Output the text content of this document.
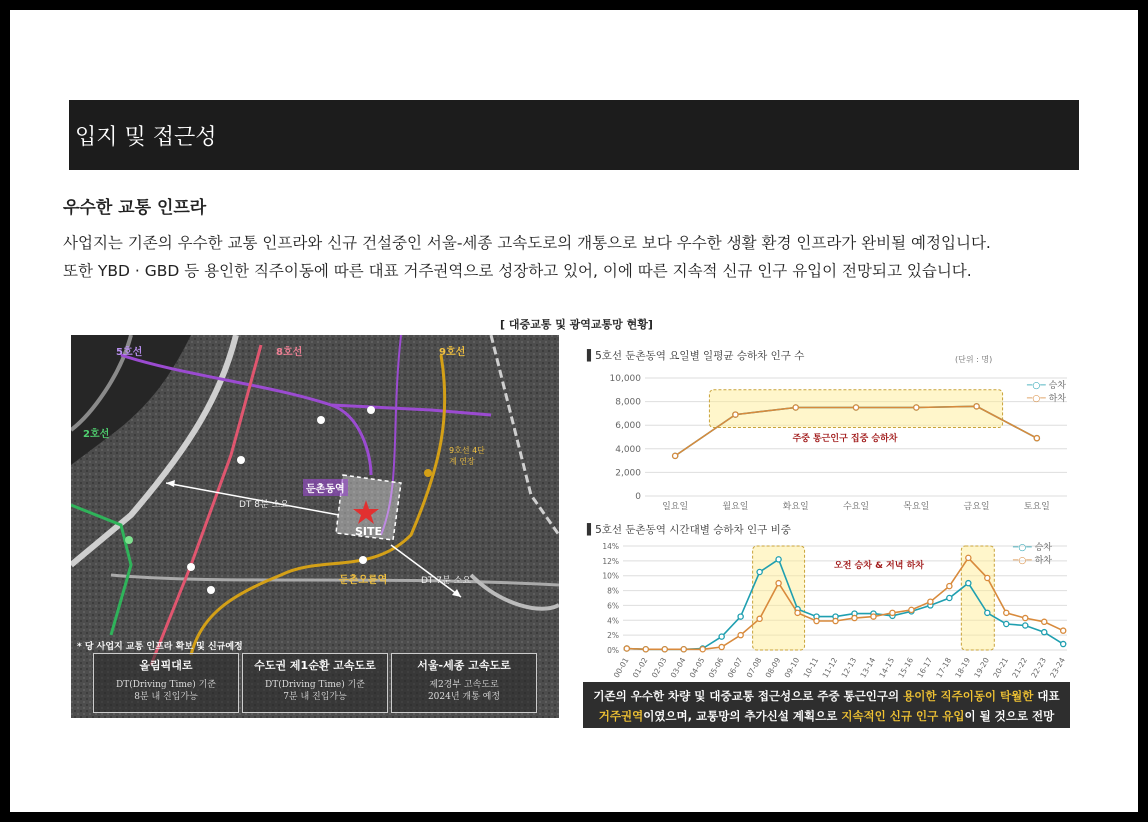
입지 및 접근성
우수한 교통 인프라
사업지는 기존의 우수한 교통 인프라와 신규 건설중인 서울-세종 고속도로의 개통으로 보다 우수한 생활 환경 인프라가 완비될 예정입니다.
또한 YBD · GBD 등 용인한 직주이동에 따른 대표 거주권역으로 성장하고 있어, 이에 따른 지속적 신규 인구 유입이 전망되고 있습니다.
[ 대중교통 및 광역교통망 현황]
5호선	8호선	9호선
2호선
둔촌동역
SITE
둔촌오륜역
DT 8분 소요
DT 7분 소요
9호선 4단계 연장
* 당 사업지 교통 인프라 확보 및 신규예정
올림픽대로
DT(Driving Time) 기준
8분 내 진입가능
수도권 제1순환 고속도로
DT(Driving Time) 기준
7분 내 진입가능
서울-세종 고속도로
제2경부 고속도로
2024년 개통 예정
▌5호선 둔촌동역 요일별 일평균 승하차 인구 수	(단위 : 명)
10,000
8,000
6,000
4,000
2,000
0
일요일	월요일	화요일	수요일	목요일	금요일	토요일
주중 통근인구 집중 승하차
─○─ 승차
─○─ 하차
▌5호선 둔촌동역 시간대별 승하차 인구 비중
14%
12%
10%
8%
6%
4%
2%
0%
00-01 01-02 02-03 03-04 04-05 05-06 06-07 07-08 08-09 09-10 10-11 11-12 12-13 13-14 14-15 15-16 16-17 17-18 18-19 19-20 20-21 21-22 22-23 23-24
오전 승차 & 저녁 하차
─○─ 승차
─○─ 하차
기존의 우수한 차량 및 대중교통 접근성으로 주중 통근인구의 용이한 직주이동이 탁월한 대표
거주권역이였으며, 교통망의 추가신설 계획으로 지속적인 신규 인구 유입이 될 것으로 전망
